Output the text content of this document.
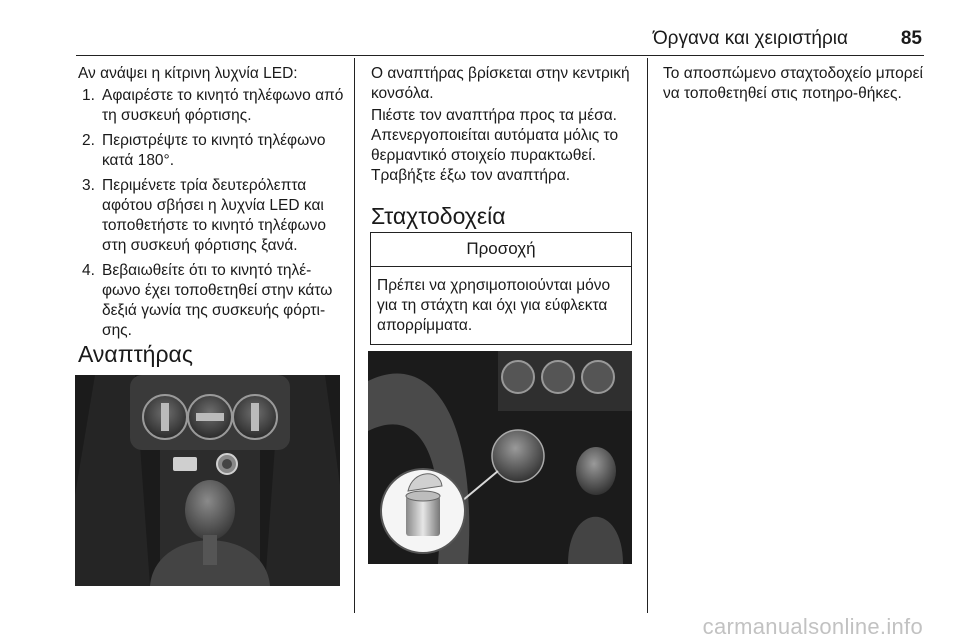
Όργανα και χειριστήρια	85

Αν ανάψει η κίτρινη λυχνία LED:

1. Αφαιρέστε το κινητό τηλέφωνο από τη συσκευή φόρτισης.
2. Περιστρέψτε το κινητό τηλέφωνο κατά 180°.
3. Περιμένετε τρία δευτερόλεπτα αφότου σβήσει η λυχνία LED και τοποθετήστε το κινητό τηλέφωνο στη συσκευή φόρτισης ξανά.
4. Βεβαιωθείτε ότι το κινητό τηλέ‐φωνο έχει τοποθετηθεί στην κάτω δεξιά γωνία της συσκευής φόρτι‐σης.
Αναπτήρας

Ο αναπτήρας βρίσκεται στην κεντρική κονσόλα.

Πιέστε τον αναπτήρα προς τα μέσα. Απενεργοποιείται αυτόματα μόλις το θερμαντικό στοιχείο πυρακτωθεί. Τραβήξτε έξω τον αναπτήρα.

Σταχτοδοχεία
Προσοχή
Πρέπει να χρησιμοποιούνται μόνο για τη στάχτη και όχι για εύφλεκτα απορρίμματα.

Το αποσπώμενο σταχτοδοχείο μπορεί να τοποθετηθεί στις ποτηρο‐θήκες.

carmanualsonline.info
